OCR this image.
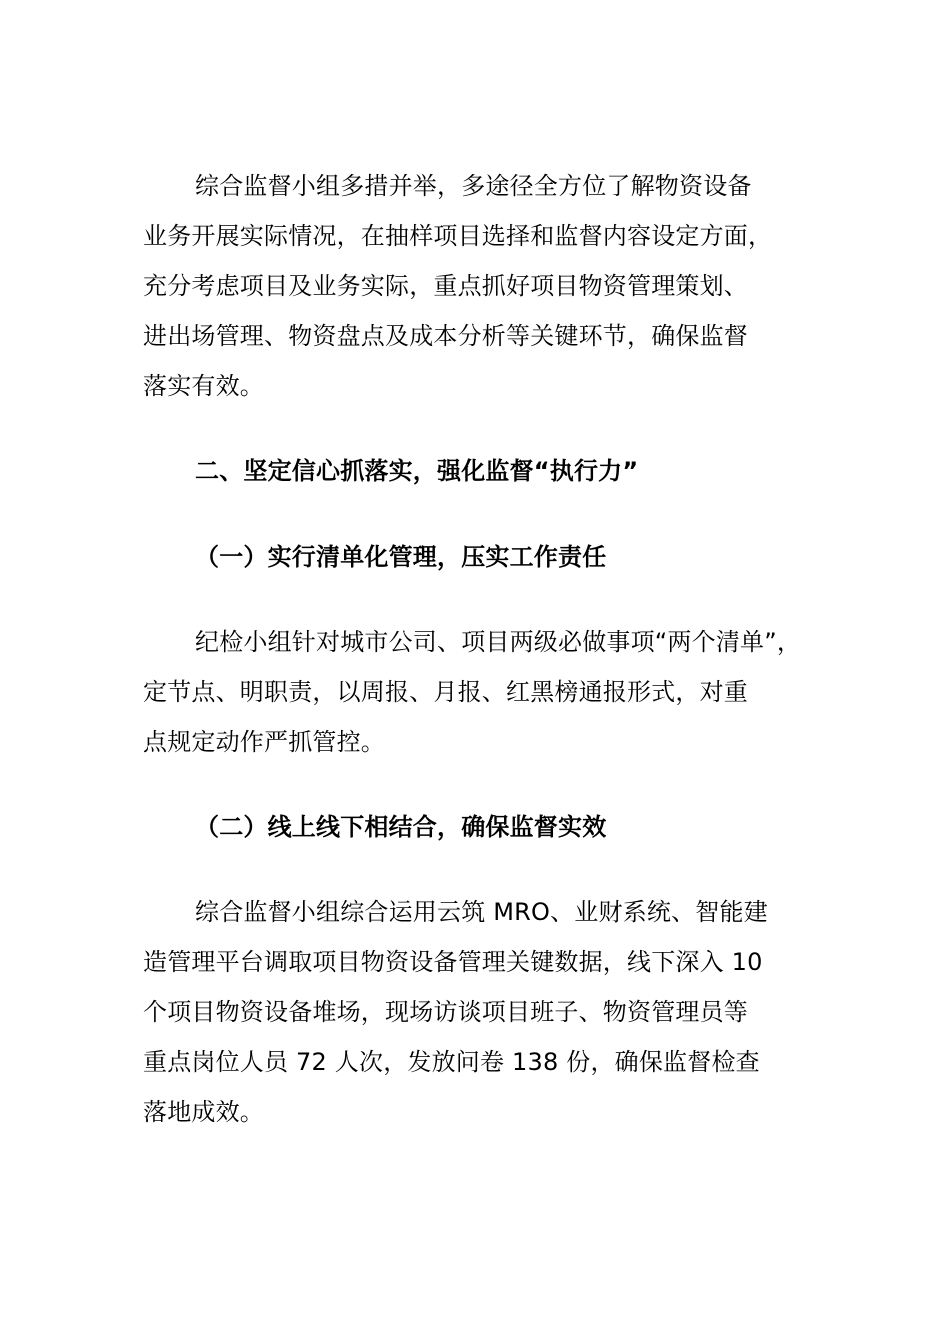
综合监督小组多措并举，多途径全方位了解物资设备
业务开展实际情况，在抽样项目选择和监督内容设定方面，
充分考虑项目及业务实际，重点抓好项目物资管理策划、
进出场管理、物资盘点及成本分析等关键环节，确保监督
落实有效。
二、坚定信心抓落实，强化监督“执行力”
（一）实行清单化管理，压实工作责任
纪检小组针对城市公司、项目两级必做事项“两个清单”，
定节点、明职责，以周报、月报、红黑榜通报形式，对重
点规定动作严抓管控。
（二）线上线下相结合，确保监督实效
综合监督小组综合运用云筑 MRO、业财系统、智能建
造管理平台调取项目物资设备管理关键数据，线下深入 10
个项目物资设备堆场，现场访谈项目班子、物资管理员等
重点岗位人员 72 人次，发放问卷 138 份，确保监督检查
落地成效。
